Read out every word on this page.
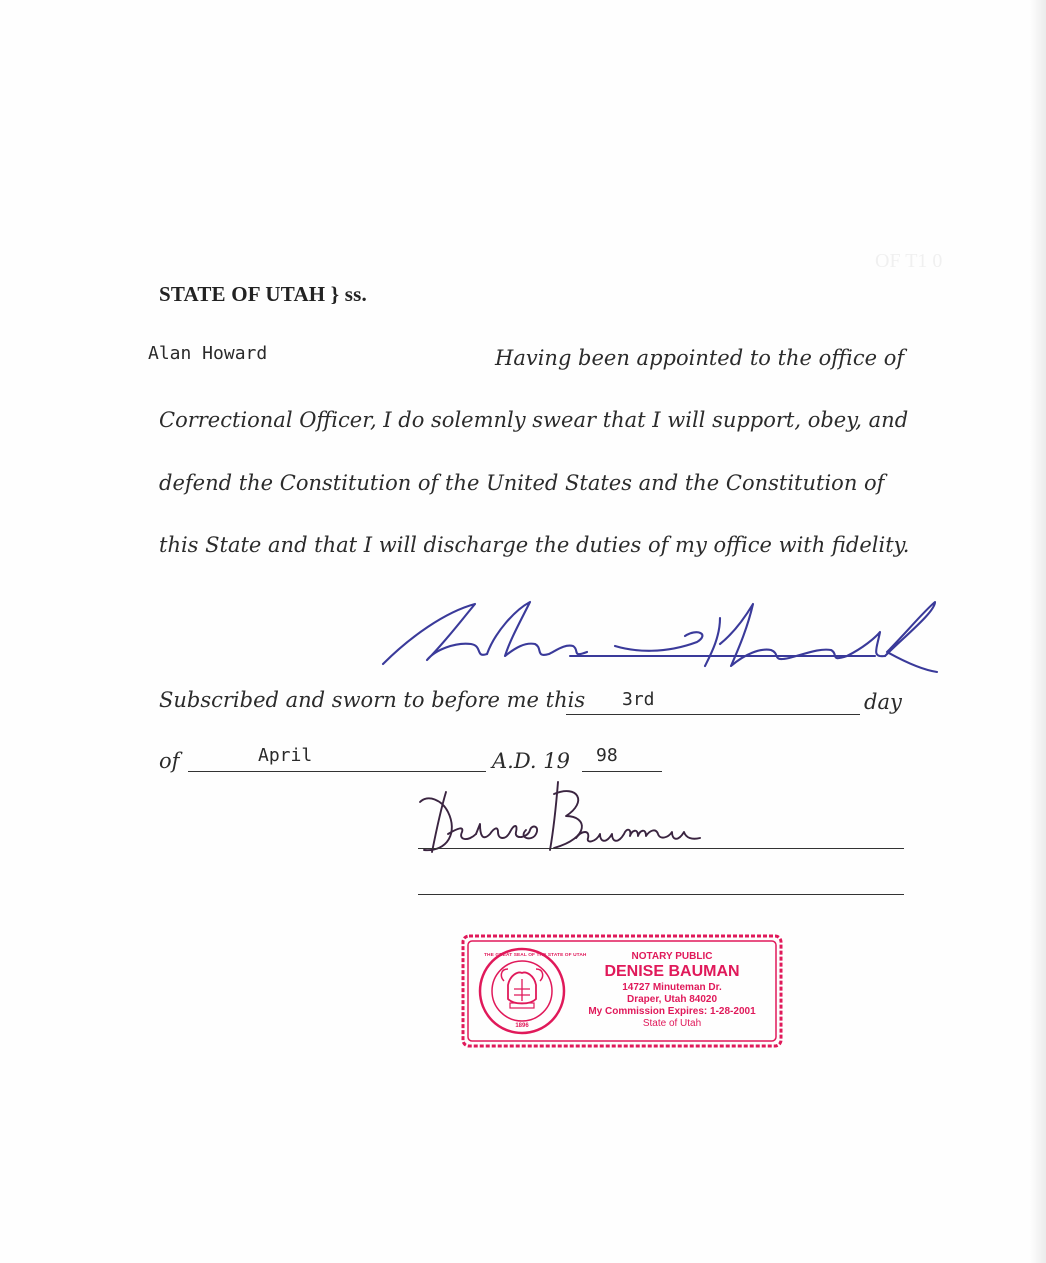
OF T1 0
STATE OF UTAH } ss.
Alan Howard	Having been appointed to the office of
Correctional Officer, I do solemnly swear that I will support, obey, and
defend the Constitution of the United States and the Constitution of
this State and that I will discharge the duties of my office with fidelity.
Subscribed and sworn to before me this 3rd	day
of	April	A.D. 19 98
THE GREAT SEAL OF THE STATE OF UTAH
1896
NOTARY PUBLIC
DENISE BAUMAN
14727 Minuteman Dr.
Draper, Utah 84020
My Commission Expires: 1-28-2001
State of Utah
